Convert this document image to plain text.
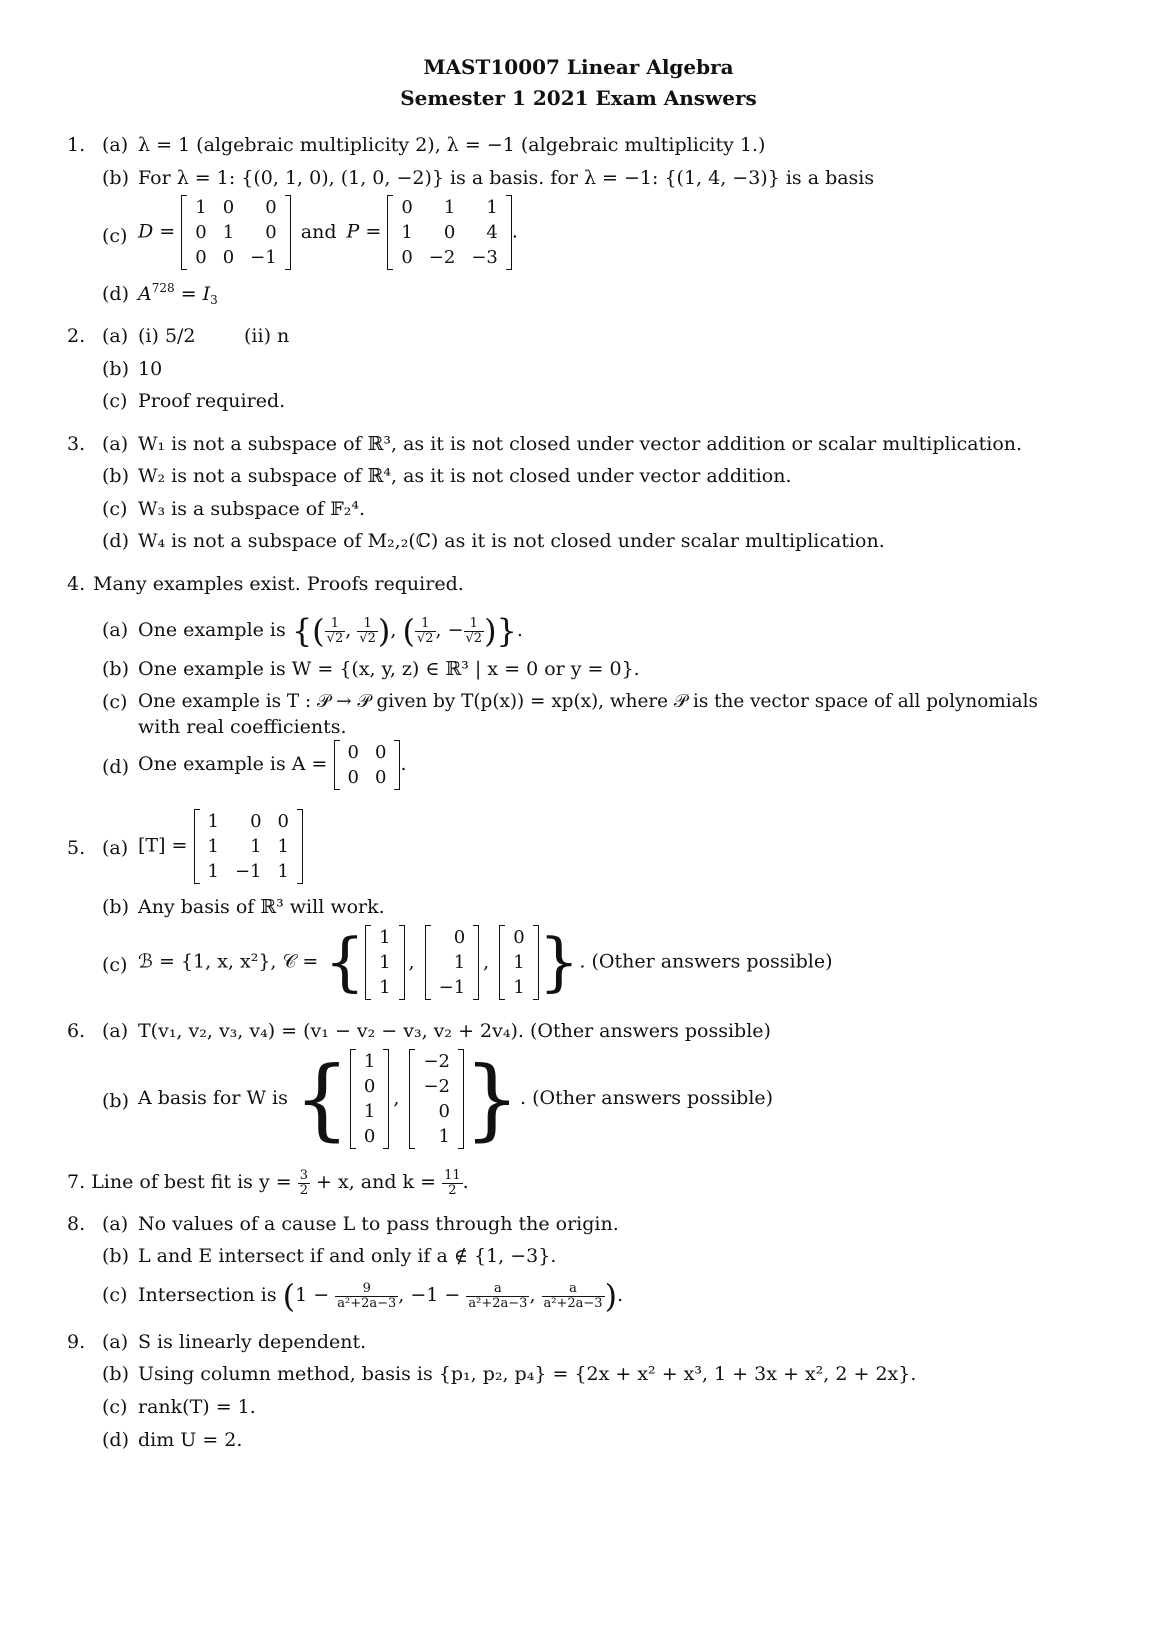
MAST10007 Linear Algebra
Semester 1 2021 Exam Answers
1. (a) λ = 1 (algebraic multiplicity 2), λ = −1 (algebraic multiplicity 1.)
(b) For λ = 1: {(0, 1, 0), (1, 0, −2)} is a basis. for λ = −1: {(1, 4, −3)} is a basis
(c) D =
1	0	0
0	1	0
0	0	−1
and P =
0	1	1
1	0	4
0	−2	−3
.
(d) $A^{728} = I_3$
2. (a) (i) 5/2	(ii) n
(b) 10
(c) Proof required.
3. (a) W₁ is not a subspace of ℝ³, as it is not closed under vector addition or scalar multiplication.
(b) W₂ is not a subspace of ℝ⁴, as it is not closed under vector addition.
(c) W₃ is a subspace of 𝔽₂⁴.
(d) W₄ is not a subspace of M₂,₂(ℂ) as it is not closed under scalar multiplication.
4. Many examples exist. Proofs required.
(a) One example is {( $\frac{1}{√2}$ , $\frac{1}{√2}$ ), ( $\frac{1}{√2}$ , − $\frac{1}{√2}$ )}.
(b) One example is W = {(x, y, z) ∈ ℝ³ | x = 0 or y = 0}.
(c) One example is T : 𝒫 → 𝒫 given by T(p(x)) = xp(x), where 𝒫 is the vector space of all polynomials
with real coefficients.
(d) One example is A =
0	0
0	0
.
5. (a) [T] =
1	0	0
1	1	1
1	−1	1
(b) Any basis of ℝ³ will work.
(c) ℬ = {1, x, x²}, 𝒞 = { 1
1
1
,
0
1
−1
,
0
1
1 }. (Other answers possible)
6. (a) T(v₁, v₂, v₃, v₄) = (v₁ − v₂ − v₃, v₂ + 2v₄). (Other answers possible)
(b) A basis for W is { 1
0
1
0
,
−2
−2
0
1 }. (Other answers possible)
7. Line of best fit is $y = \frac{3}{2} + x$, and $k = \frac{11}{2}$ .
8. (a) No values of a cause L to pass through the origin.
(b) L and E intersect if and only if a ∉ {1, −3}.
(c) Intersection is ($1 - \frac{9}{\text{a²+2a−3}}$ , $-1 - \frac{a}{\text{a²+2a−3}}$ , $\frac{a}{\text{a²+2a−3}}$ ).
9. (a) S is linearly dependent.
(b) Using column method, basis is {p₁, p₂, p₄} = {2x + x² + x³, 1 + 3x + x², 2 + 2x}.
(c) rank(T) = 1.
(d) dim U = 2.
